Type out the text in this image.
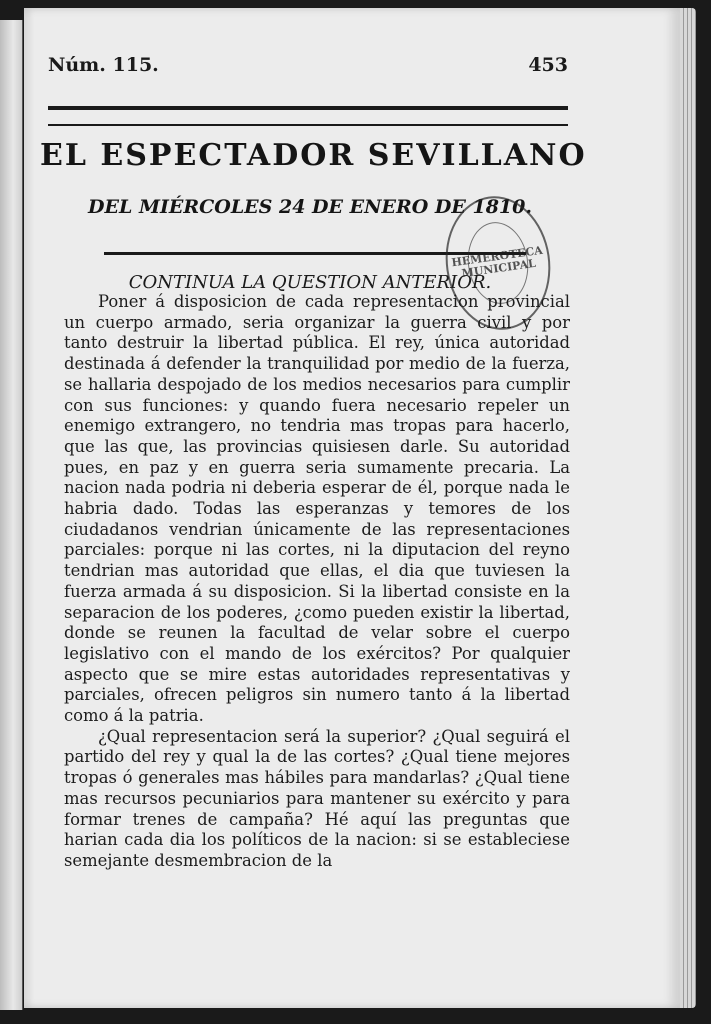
Núm. 115.	453
EL ESPECTADOR SEVILLANO
DEL MIÉRCOLES 24 DE ENERO DE 1810.
HEMEROTECA MUNICIPAL
CONTINUA LA QUESTION ANTERIOR.

Poner á disposicion de cada representacion provincial un cuerpo armado, seria organizar la guerra civil y por tanto destruir la libertad pública. El rey, única autoridad destinada á defender la tranquilidad por medio de la fuerza, se hallaria despojado de los medios necesarios para cumplir con sus funciones: y quando fuera necesario repeler un enemigo extrangero, no tendria mas tropas para hacerlo, que las que, las provincias quisiesen darle. Su autoridad pues, en paz y en guerra seria sumamente precaria. La nacion nada podria ni deberia esperar de él, porque nada le habria dado. Todas las esperanzas y temores de los ciudadanos vendrian únicamente de las representaciones parciales: porque ni las cortes, ni la diputacion del reyno tendrian mas autoridad que ellas, el dia que tuviesen la fuerza armada á su disposicion. Si la libertad consiste en la separacion de los poderes, ¿como pueden existir la libertad, donde se reunen la facultad de velar sobre el cuerpo legislativo con el mando de los exércitos? Por qualquier aspecto que se mire estas autoridades representativas y parciales, ofrecen peligros sin numero tanto á la libertad como á la patria.

¿Qual representacion será la superior? ¿Qual seguirá el partido del rey y qual la de las cortes? ¿Qual tiene mejores tropas ó generales mas hábiles para mandarlas? ¿Qual tiene mas recursos pecuniarios para mantener su exército y para formar trenes de campaña? Hé aquí las preguntas que harian cada dia los políticos de la nacion: si se estableciese semejante desmembracion de la
